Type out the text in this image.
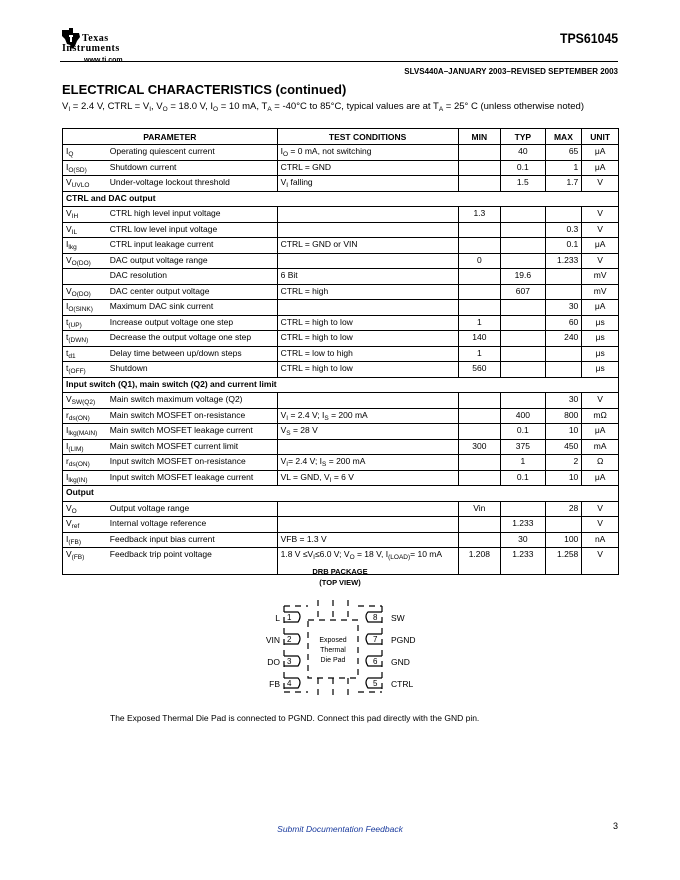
Texas
Instruments
www.ti.com
TPS61045
SLVS440A–JANUARY 2003–REVISED SEPTEMBER 2003
ELECTRICAL CHARACTERISTICS (continued)
$V_I = 2.4$ V, CTRL = $V_I$, $V_O = 18.0$ V, $I_O = 10$ mA, $T_A = -40^\circ C$ to 85°C, typical values are at $T_A = 25^\circ$ C (unless otherwise noted)
PARAMETER		TEST CONDITIONS	MIN	TYP	MAX	UNIT
$I_Q$	Operating quiescent current	$I_O = 0$ mA, not switching		40	65	μA
$I_{O(SD)}$	Shutdown current	CTRL = GND		0.1	1	μA
$V_{UVLO}$	Under-voltage lockout threshold	$V_I$ falling		1.5	1.7	V
CTRL and DAC output						
$V_{IH}$	CTRL high level input voltage		1.3			V
$V_{IL}$	CTRL low level input voltage				0.3	V
$I_{lkg}$	CTRL input leakage current	CTRL = GND or VIN			0.1	μA
$V_{O(DO)}$	DAC output voltage range		0		1.233	V
	DAC resolution	6 Bit		19.6		mV
$V_{O(DO)}$	DAC center output voltage	CTRL = high		607		mV
$I_{O(SINK)}$	Maximum DAC sink current				30	μA
$t_{(UP)}$	Increase output voltage one step	CTRL = high to low	1		60	μs
$t_{(DWN)}$	Decrease the output voltage one step	CTRL = high to low	140		240	μs
$t_{d1}$	Delay time between up/down steps	CTRL = low to high	1			μs
$t_{(OFF)}$	Shutdown	CTRL = high to low	560			μs
Input switch (Q1), main switch (Q2) and current limit						
$V_{SW(Q2)}$	Main switch maximum voltage (Q2)				30	V
$r_{ds(ON)}$	Main switch MOSFET on-resistance	$V_I = 2.4$ V; $I_S = 200$ mA		400	800	mΩ
$I_{lkg(MAIN)}$	Main switch MOSFET leakage current	$V_S = 28$ V		0.1	10	μA
$I_{(LIM)}$	Main switch MOSFET current limit		300	375	450	mA
$r_{ds(ON)}$	Input switch MOSFET on-resistance	$V_I= 2.4$ V; $I_S = 200$ mA		1	2	Ω
$I_{lkg(IN)}$	Input switch MOSFET leakage current	VL = GND, $V_I = 6$ V		0.1	10	μA
Output						
$V_O$	Output voltage range		Vin		28	V
$V_{ref}$	Internal voltage reference			1.233		V
$I_{(FB)}$	Feedback input bias current	VFB = 1.3 V		30	100	nA
$V_{(FB)}$	Feedback trip point voltage	1.8 $V \le V_I\le 6.0$ V; $V_O = 18$ V, $I_{(LOAD)}= 10$ mA	1.208	1.233	1.258	V
DRB PACKAGE
(TOP VIEW)
1
2
3
4
8
7
6
5
L
VIN
DO
FB
SW
PGND
GND
CTRL
Exposed
Thermal
Die Pad
The Exposed Thermal Die Pad is connected to PGND. Connect this pad directly with the GND pin.
Submit Documentation Feedback	3
